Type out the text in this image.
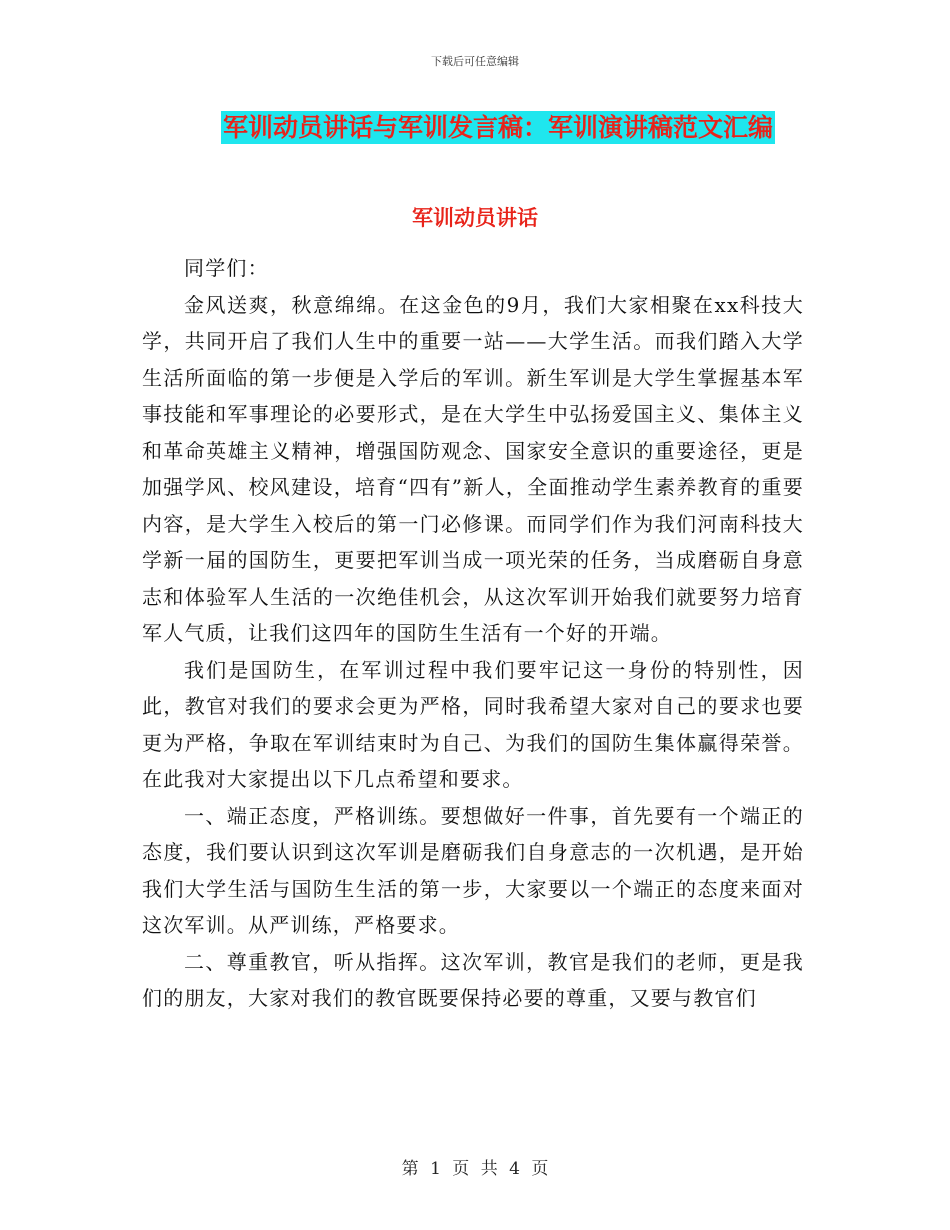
下载后可任意编辑
军训动员讲话与军训发言稿：军训演讲稿范文汇编
军训动员讲话

同学们：

金风送爽，秋意绵绵。在这金色的9月，我们大家相聚在xx科技大学，共同开启了我们人生中的重要一站——大学生活。而我们踏入大学生活所面临的第一步便是入学后的军训。新生军训是大学生掌握基本军事技能和军事理论的必要形式，是在大学生中弘扬爱国主义、集体主义和革命英雄主义精神，增强国防观念、国家安全意识的重要途径，更是加强学风、校风建设，培育“四有”新人，全面推动学生素养教育的重要内容，是大学生入校后的第一门必修课。而同学们作为我们河南科技大学新一届的国防生，更要把军训当成一项光荣的任务，当成磨砺自身意志和体验军人生活的一次绝佳机会，从这次军训开始我们就要努力培育军人气质，让我们这四年的国防生生活有一个好的开端。

我们是国防生，在军训过程中我们要牢记这一身份的特别性，因此，教官对我们的要求会更为严格，同时我希望大家对自己的要求也要更为严格，争取在军训结束时为自己、为我们的国防生集体赢得荣誉。在此我对大家提出以下几点希望和要求。

一、端正态度，严格训练。要想做好一件事，首先要有一个端正的态度，我们要认识到这次军训是磨砺我们自身意志的一次机遇，是开始我们大学生活与国防生生活的第一步，大家要以一个端正的态度来面对这次军训。从严训练，严格要求。

二、尊重教官，听从指挥。这次军训，教官是我们的老师，更是我们的朋友，大家对我们的教官既要保持必要的尊重，又要与教官们

第 1 页 共 4 页
